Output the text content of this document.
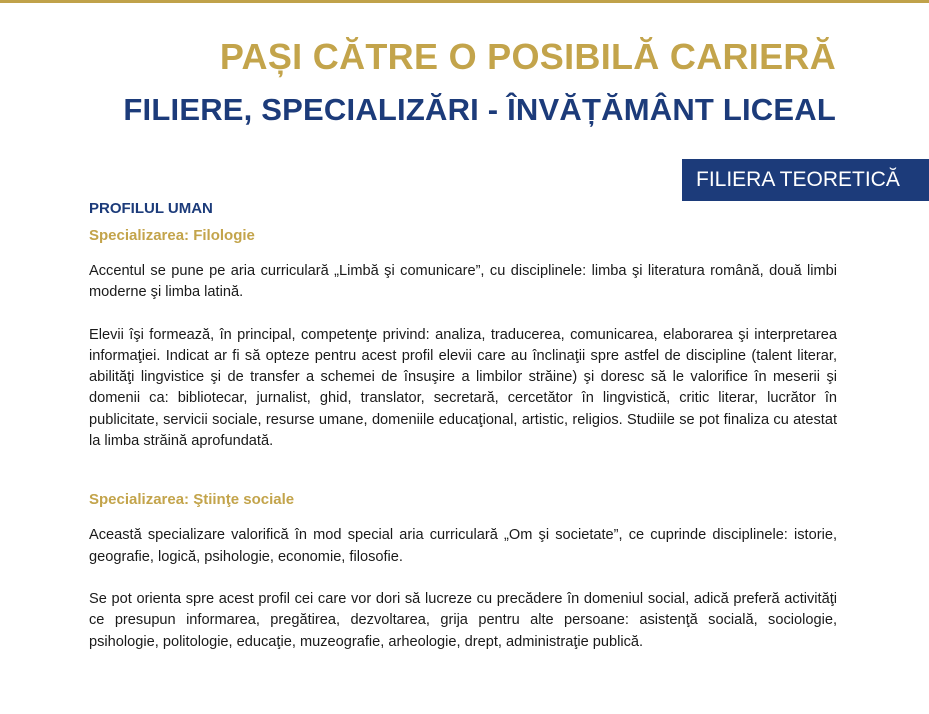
PAȘI CĂTRE O POSIBILĂ CARIERĂ
FILIERE, SPECIALIZĂRI - ÎNVĂȚĂMÂNT LICEAL
FILIERA TEORETICĂ
PROFILUL UMAN
Specializarea: Filologie

Accentul se pune pe aria curriculară „Limbă şi comunicare”, cu disciplinele: limba şi literatura română, două limbi moderne şi limba latină.

Elevii îşi formează, în principal, competenţe privind: analiza, traducerea, comunicarea, elaborarea şi interpretarea informaţiei. Indicat ar fi să opteze pentru acest profil elevii care au înclinaţii spre astfel de discipline (talent literar, abilităţi lingvistice şi de transfer a schemei de însuşire a limbilor străine) şi doresc să le valorifice în meserii şi domenii ca: bibliotecar, jurnalist, ghid, translator, secretară, cercetător în lingvistică, critic literar, lucrător în publicitate, servicii sociale, resurse umane, domeniile educaţional, artistic, religios. Studiile se pot finaliza cu atestat la limba străină aprofundată.

Specializarea: Ştiinţe sociale

Această specializare valorifică în mod special aria curriculară „Om şi societate”, ce cuprinde disciplinele: istorie, geografie, logică, psihologie, economie, filosofie.

Se pot orienta spre acest profil cei care vor dori să lucreze cu precădere în domeniul social, adică preferă activităţi ce presupun informarea, pregătirea, dezvoltarea, grija pentru alte persoane: asistenţă socială, sociologie, psihologie, politologie, educaţie, muzeografie, arheologie, drept, administraţie publică.
